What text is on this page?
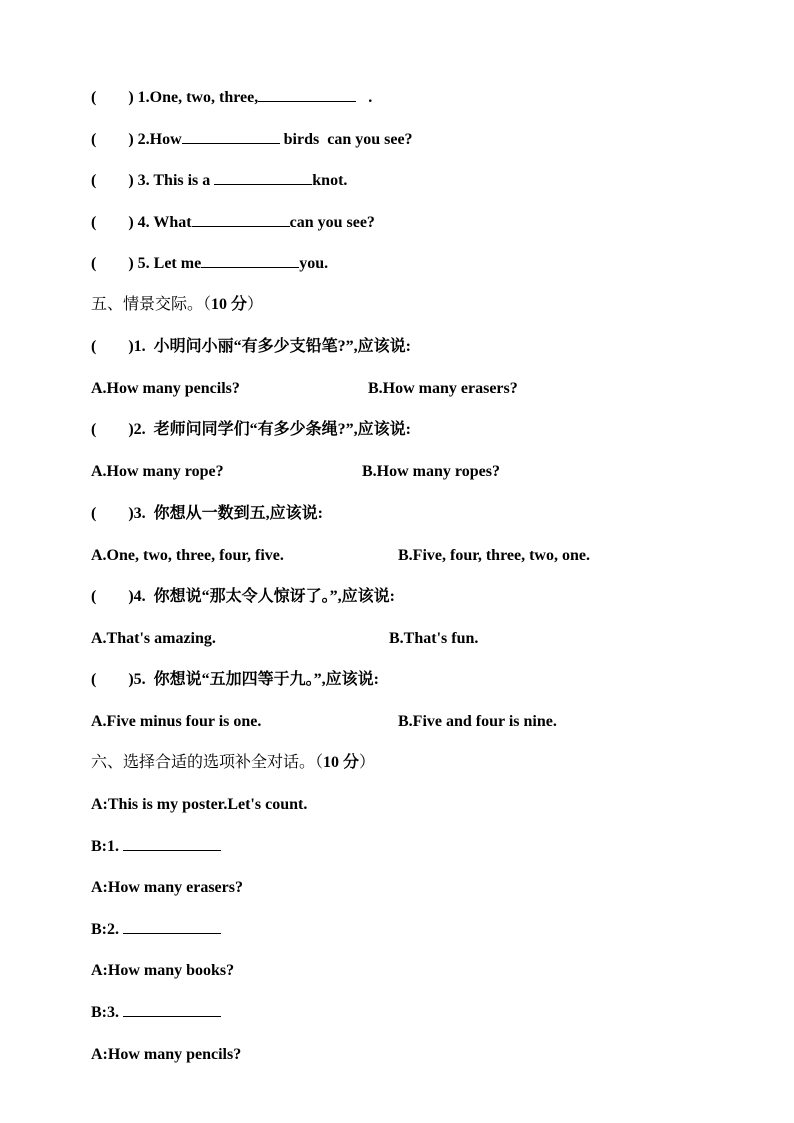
(        ) 1.One, two, three,	.
(        ) 2.How	birds  can you see?
(        ) 3. This is a	knot.
(        ) 4. What	can you see?
(        ) 5. Let me	you.
五、情景交际。（10 分）
(        )1.  小明问小丽“有多少支铅笔?”,应该说:
A.How many pencils?	B.How many erasers?
(        )2.  老师问同学们“有多少条绳?”,应该说:
A.How many rope?	B.How many ropes?
(        )3.  你想从一数到五,应该说:
A.One, two, three, four, five.	B.Five, four, three, two, one.
(        )4.  你想说“那太令人惊讶了。”,应该说:
A.That's amazing.	B.That's fun.
(        )5.  你想说“五加四等于九。”,应该说:
A.Five minus four is one.	B.Five and four is nine.
六、选择合适的选项补全对话。（10 分）
A:This is my poster.Let's count.
B:1.
A:How many erasers?
B:2.
A:How many books?
B:3.
A:How many pencils?
